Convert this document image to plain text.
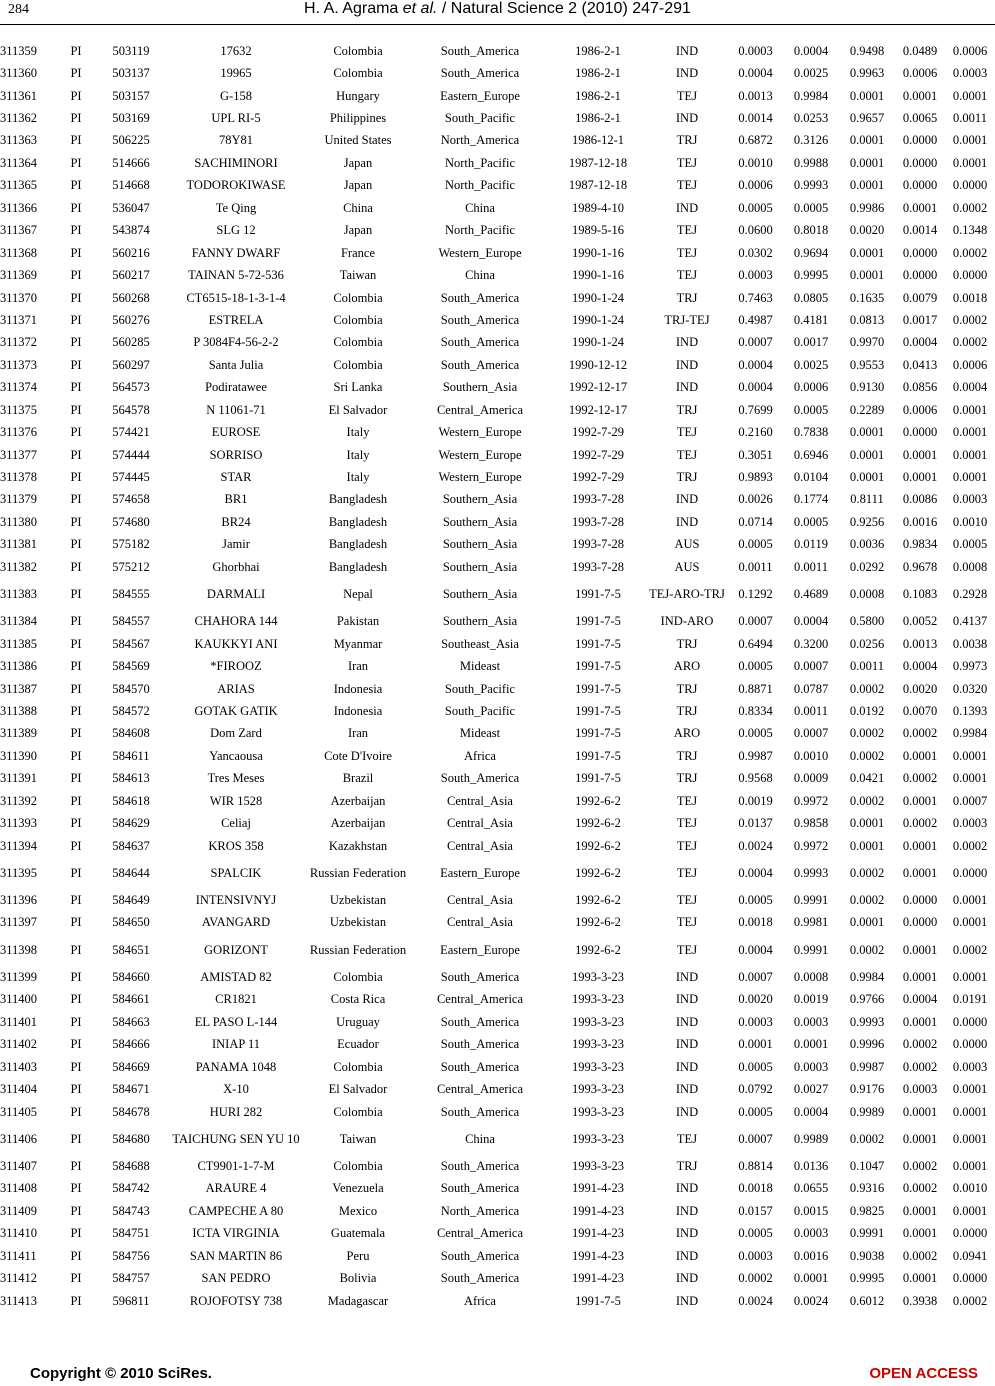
284	H. A. Agrama et al. / Natural Science 2 (2010) 247-291
311359	PI	503119	17632	Colombia	South_America	1986-2-1	IND	0.0003	0.0004	0.9498	0.0489	0.0006
311360	PI	503137	19965	Colombia	South_America	1986-2-1	IND	0.0004	0.0025	0.9963	0.0006	0.0003
311361	PI	503157	G-158	Hungary	Eastern_Europe	1986-2-1	TEJ	0.0013	0.9984	0.0001	0.0001	0.0001
311362	PI	503169	UPL RI-5	Philippines	South_Pacific	1986-2-1	IND	0.0014	0.0253	0.9657	0.0065	0.0011
311363	PI	506225	78Y81	United States	North_America	1986-12-1	TRJ	0.6872	0.3126	0.0001	0.0000	0.0001
311364	PI	514666	SACHIMINORI	Japan	North_Pacific	1987-12-18	TEJ	0.0010	0.9988	0.0001	0.0000	0.0001
311365	PI	514668	TODOROKIWASE	Japan	North_Pacific	1987-12-18	TEJ	0.0006	0.9993	0.0001	0.0000	0.0000
311366	PI	536047	Te Qing	China	China	1989-4-10	IND	0.0005	0.0005	0.9986	0.0001	0.0002
311367	PI	543874	SLG 12	Japan	North_Pacific	1989-5-16	TEJ	0.0600	0.8018	0.0020	0.0014	0.1348
311368	PI	560216	FANNY DWARF	France	Western_Europe	1990-1-16	TEJ	0.0302	0.9694	0.0001	0.0000	0.0002
311369	PI	560217	TAINAN 5-72-536	Taiwan	China	1990-1-16	TEJ	0.0003	0.9995	0.0001	0.0000	0.0000
311370	PI	560268	CT6515-18-1-3-1-4	Colombia	South_America	1990-1-24	TRJ	0.7463	0.0805	0.1635	0.0079	0.0018
311371	PI	560276	ESTRELA	Colombia	South_America	1990-1-24	TRJ-TEJ	0.4987	0.4181	0.0813	0.0017	0.0002
311372	PI	560285	P 3084F4-56-2-2	Colombia	South_America	1990-1-24	IND	0.0007	0.0017	0.9970	0.0004	0.0002
311373	PI	560297	Santa Julia	Colombia	South_America	1990-12-12	IND	0.0004	0.0025	0.9553	0.0413	0.0006
311374	PI	564573	Podiratawee	Sri Lanka	Southern_Asia	1992-12-17	IND	0.0004	0.0006	0.9130	0.0856	0.0004
311375	PI	564578	N 11061-71	El Salvador	Central_America	1992-12-17	TRJ	0.7699	0.0005	0.2289	0.0006	0.0001
311376	PI	574421	EUROSE	Italy	Western_Europe	1992-7-29	TEJ	0.2160	0.7838	0.0001	0.0000	0.0001
311377	PI	574444	SORRISO	Italy	Western_Europe	1992-7-29	TEJ	0.3051	0.6946	0.0001	0.0001	0.0001
311378	PI	574445	STAR	Italy	Western_Europe	1992-7-29	TRJ	0.9893	0.0104	0.0001	0.0001	0.0001
311379	PI	574658	BR1	Bangladesh	Southern_Asia	1993-7-28	IND	0.0026	0.1774	0.8111	0.0086	0.0003
311380	PI	574680	BR24	Bangladesh	Southern_Asia	1993-7-28	IND	0.0714	0.0005	0.9256	0.0016	0.0010
311381	PI	575182	Jamir	Bangladesh	Southern_Asia	1993-7-28	AUS	0.0005	0.0119	0.0036	0.9834	0.0005
311382	PI	575212	Ghorbhai	Bangladesh	Southern_Asia	1993-7-28	AUS	0.0011	0.0011	0.0292	0.9678	0.0008
311383	PI	584555	DARMALI	Nepal	Southern_Asia	1991-7-5	TEJ-ARO-TRJ	0.1292	0.4689	0.0008	0.1083	0.2928
311384	PI	584557	CHAHORA 144	Pakistan	Southern_Asia	1991-7-5	IND-ARO	0.0007	0.0004	0.5800	0.0052	0.4137
311385	PI	584567	KAUKKYI ANI	Myanmar	Southeast_Asia	1991-7-5	TRJ	0.6494	0.3200	0.0256	0.0013	0.0038
311386	PI	584569	*FIROOZ	Iran	Mideast	1991-7-5	ARO	0.0005	0.0007	0.0011	0.0004	0.9973
311387	PI	584570	ARIAS	Indonesia	South_Pacific	1991-7-5	TRJ	0.8871	0.0787	0.0002	0.0020	0.0320
311388	PI	584572	GOTAK GATIK	Indonesia	South_Pacific	1991-7-5	TRJ	0.8334	0.0011	0.0192	0.0070	0.1393
311389	PI	584608	Dom Zard	Iran	Mideast	1991-7-5	ARO	0.0005	0.0007	0.0002	0.0002	0.9984
311390	PI	584611	Yancaousa	Cote D'Ivoire	Africa	1991-7-5	TRJ	0.9987	0.0010	0.0002	0.0001	0.0001
311391	PI	584613	Tres Meses	Brazil	South_America	1991-7-5	TRJ	0.9568	0.0009	0.0421	0.0002	0.0001
311392	PI	584618	WIR 1528	Azerbaijan	Central_Asia	1992-6-2	TEJ	0.0019	0.9972	0.0002	0.0001	0.0007
311393	PI	584629	Celiaj	Azerbaijan	Central_Asia	1992-6-2	TEJ	0.0137	0.9858	0.0001	0.0002	0.0003
311394	PI	584637	KROS 358	Kazakhstan	Central_Asia	1992-6-2	TEJ	0.0024	0.9972	0.0001	0.0001	0.0002
311395	PI	584644	SPALCIK	Russian Federation	Eastern_Europe	1992-6-2	TEJ	0.0004	0.9993	0.0002	0.0001	0.0000
311396	PI	584649	INTENSIVNYJ	Uzbekistan	Central_Asia	1992-6-2	TEJ	0.0005	0.9991	0.0002	0.0000	0.0001
311397	PI	584650	AVANGARD	Uzbekistan	Central_Asia	1992-6-2	TEJ	0.0018	0.9981	0.0001	0.0000	0.0001
311398	PI	584651	GORIZONT	Russian Federation	Eastern_Europe	1992-6-2	TEJ	0.0004	0.9991	0.0002	0.0001	0.0002
311399	PI	584660	AMISTAD 82	Colombia	South_America	1993-3-23	IND	0.0007	0.0008	0.9984	0.0001	0.0001
311400	PI	584661	CR1821	Costa Rica	Central_America	1993-3-23	IND	0.0020	0.0019	0.9766	0.0004	0.0191
311401	PI	584663	EL PASO L-144	Uruguay	South_America	1993-3-23	IND	0.0003	0.0003	0.9993	0.0001	0.0000
311402	PI	584666	INIAP 11	Ecuador	South_America	1993-3-23	IND	0.0001	0.0001	0.9996	0.0002	0.0000
311403	PI	584669	PANAMA 1048	Colombia	South_America	1993-3-23	IND	0.0005	0.0003	0.9987	0.0002	0.0003
311404	PI	584671	X-10	El Salvador	Central_America	1993-3-23	IND	0.0792	0.0027	0.9176	0.0003	0.0001
311405	PI	584678	HURI 282	Colombia	South_America	1993-3-23	IND	0.0005	0.0004	0.9989	0.0001	0.0001
311406	PI	584680	TAICHUNG SEN YU 10	Taiwan	China	1993-3-23	TEJ	0.0007	0.9989	0.0002	0.0001	0.0001
311407	PI	584688	CT9901-1-7-M	Colombia	South_America	1993-3-23	TRJ	0.8814	0.0136	0.1047	0.0002	0.0001
311408	PI	584742	ARAURE 4	Venezuela	South_America	1991-4-23	IND	0.0018	0.0655	0.9316	0.0002	0.0010
311409	PI	584743	CAMPECHE A 80	Mexico	North_America	1991-4-23	IND	0.0157	0.0015	0.9825	0.0001	0.0001
311410	PI	584751	ICTA VIRGINIA	Guatemala	Central_America	1991-4-23	IND	0.0005	0.0003	0.9991	0.0001	0.0000
311411	PI	584756	SAN MARTIN 86	Peru	South_America	1991-4-23	IND	0.0003	0.0016	0.9038	0.0002	0.0941
311412	PI	584757	SAN PEDRO	Bolivia	South_America	1991-4-23	IND	0.0002	0.0001	0.9995	0.0001	0.0000
311413	PI	596811	ROJOFOTSY 738	Madagascar	Africa	1991-7-5	IND	0.0024	0.0024	0.6012	0.3938	0.0002
Copyright © 2010 SciRes.	OPEN ACCESS
